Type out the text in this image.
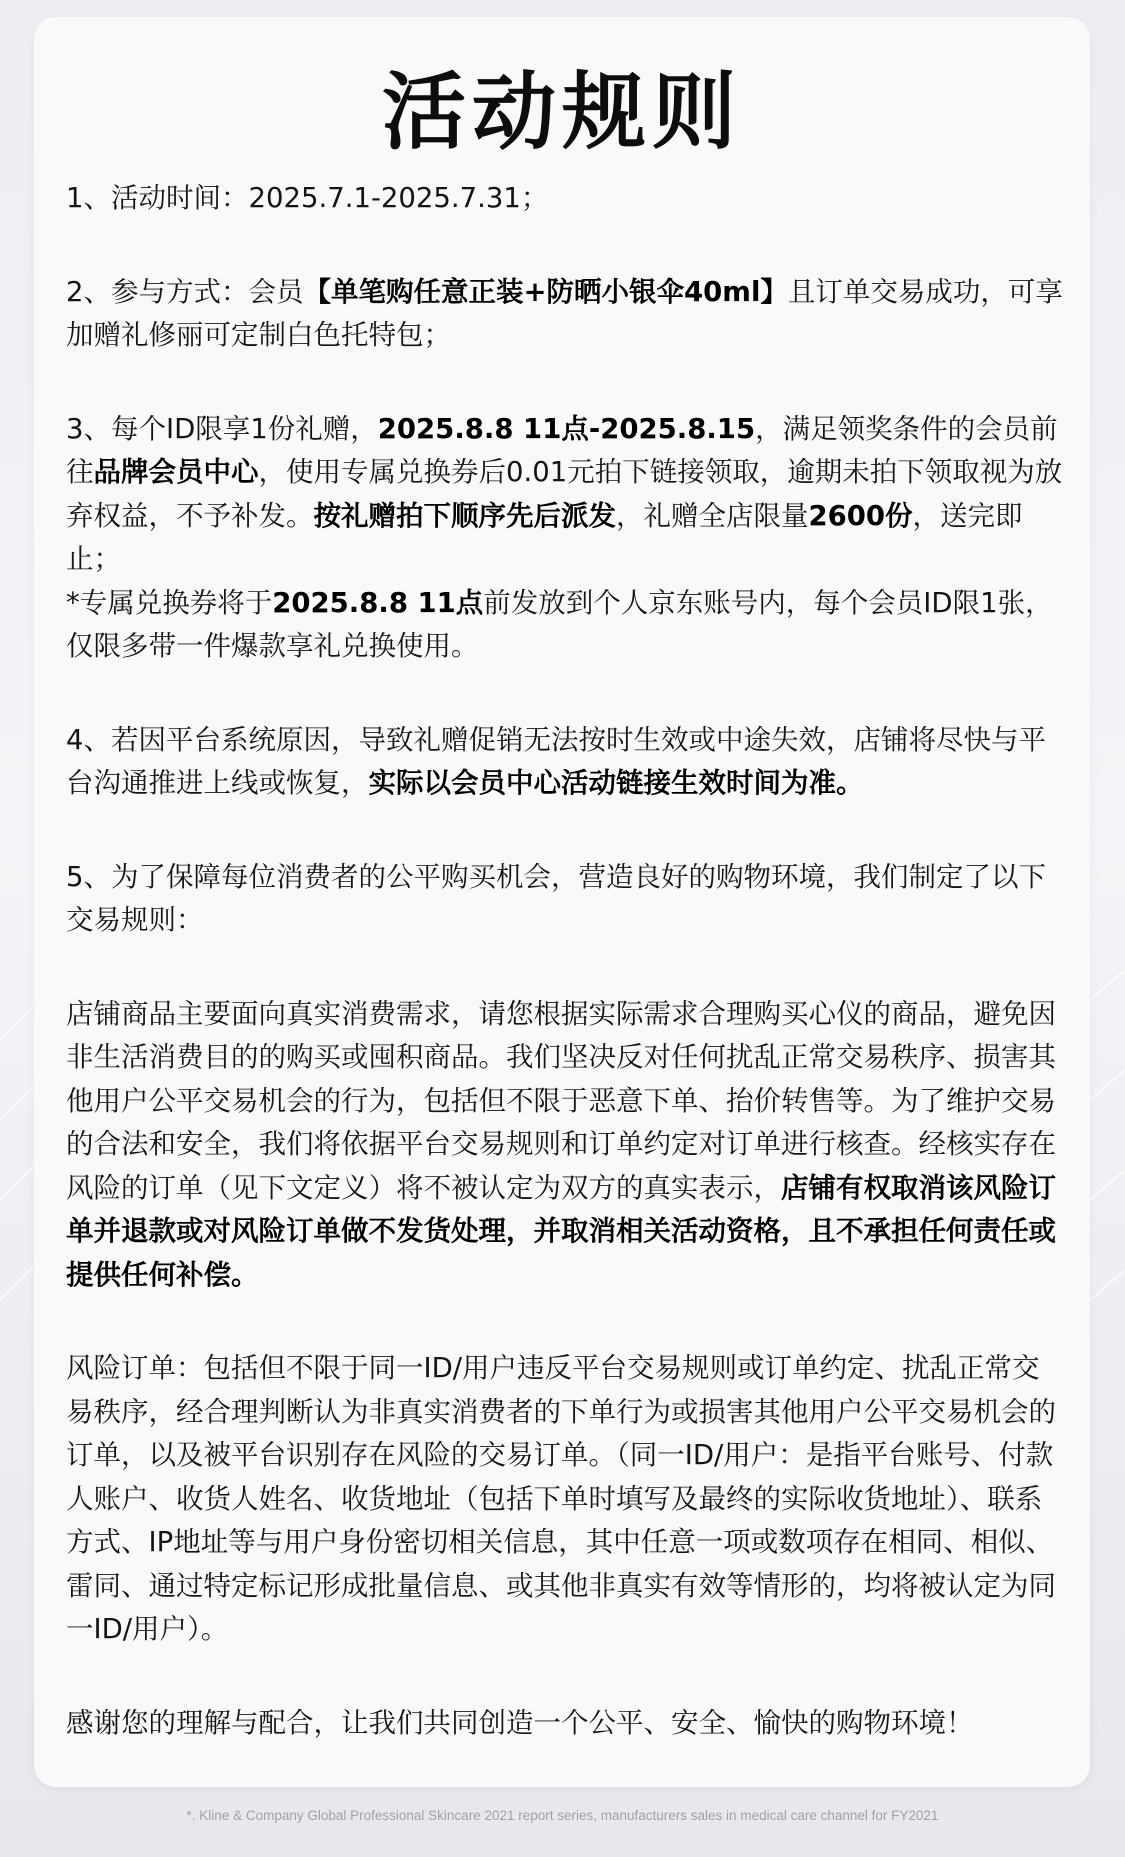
活动规则

1、活动时间：2025.7.1-2025.7.31；

2、参与方式：会员【单笔购任意正装+防晒小银伞40ml】且订单交易成功，可享加赠礼修丽可定制白色托特包；

3、每个ID限享1份礼赠，2025.8.8 11点-2025.8.15，满足领奖条件的会员前往品牌会员中心，使用专属兑换券后0.01元拍下链接领取，逾期未拍下领取视为放弃权益，不予补发。按礼赠拍下顺序先后派发，礼赠全店限量2600份，送完即止；

*专属兑换券将于2025.8.8 11点前发放到个人京东账号内，每个会员ID限1张，仅限多带一件爆款享礼兑换使用。

4、若因平台系统原因，导致礼赠促销无法按时生效或中途失效，店铺将尽快与平台沟通推进上线或恢复，实际以会员中心活动链接生效时间为准。

5、为了保障每位消费者的公平购买机会，营造良好的购物环境，我们制定了以下交易规则：

店铺商品主要面向真实消费需求，请您根据实际需求合理购买心仪的商品，避免因非生活消费目的的购买或囤积商品。我们坚决反对任何扰乱正常交易秩序、损害其他用户公平交易机会的行为，包括但不限于恶意下单、抬价转售等。为了维护交易的合法和安全，我们将依据平台交易规则和订单约定对订单进行核查。经核实存在风险的订单（见下文定义）将不被认定为双方的真实表示，店铺有权取消该风险订单并退款或对风险订单做不发货处理，并取消相关活动资格，且不承担任何责任或提供任何补偿。

风险订单：包括但不限于同一ID/用户违反平台交易规则或订单约定、扰乱正常交易秩序，经合理判断认为非真实消费者的下单行为或损害其他用户公平交易机会的订单，以及被平台识别存在风险的交易订单。（同一ID/用户：是指平台账号、付款人账户、收货人姓名、收货地址（包括下单时填写及最终的实际收货地址）、联系方式、IP地址等与用户身份密切相关信息，其中任意一项或数项存在相同、相似、雷同、通过特定标记形成批量信息、或其他非真实有效等情形的，均将被认定为同一ID/用户）。

感谢您的理解与配合，让我们共同创造一个公平、安全、愉快的购物环境！

*. Kline & Company Global Professional Skincare 2021 report series, manufacturers sales in medical care channel for FY2021
